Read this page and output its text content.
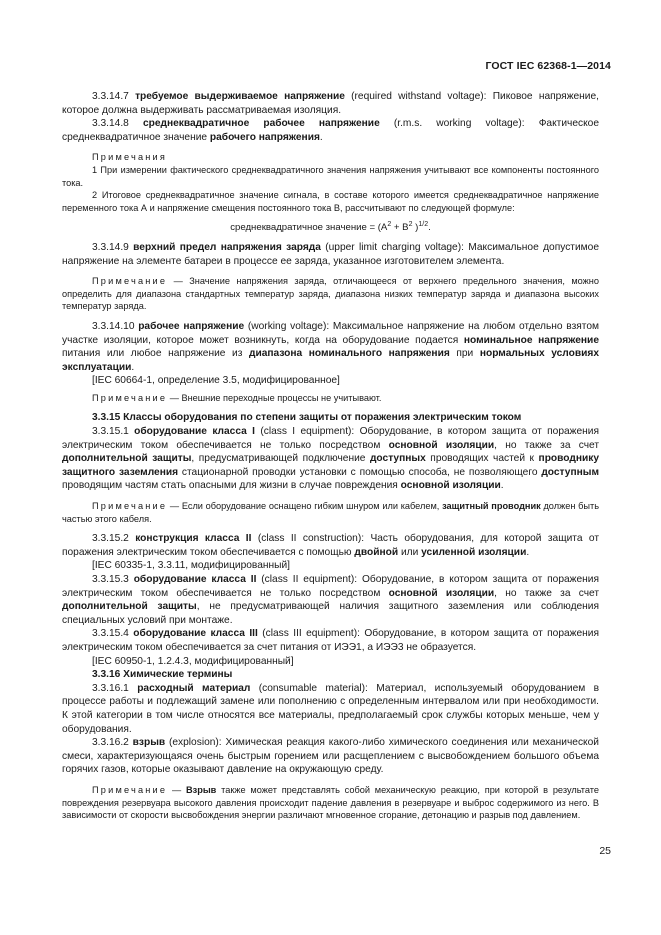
ГОСТ IEC 62368-1—2014

3.3.14.7 требуемое выдерживаемое напряжение (required withstand voltage): Пиковое напряжение, которое должна выдерживать рассматриваемая изоляция.

3.3.14.8 среднеквадратичное рабочее напряжение (r.m.s. working voltage): Фактическое среднеквадратичное значение рабочего напряжения.

Примечания

1 При измерении фактического среднеквадратичного значения напряжения учитывают все компоненты постоянного тока.

2 Итоговое среднеквадратичное значение сигнала, в составе которого имеется среднеквадратичное напряжение переменного тока А и напряжение смещения постоянного тока В, рассчитывают по следующей формуле:

среднеквадратичное значение = ($A^2 + B^2$ )$^{1/2}$.

3.3.14.9 верхний предел напряжения заряда (upper limit charging voltage): Максимальное допустимое напряжение на элементе батареи в процессе ее заряда, указанное изготовителем элемента.

Примечание — Значение напряжения заряда, отличающееся от верхнего предельного значения, можно определить для диапазона стандартных температур заряда, диапазона низких температур заряда и диапазона высоких температур заряда.

3.3.14.10 рабочее напряжение (working voltage): Максимальное напряжение на любом отдельно взятом участке изоляции, которое может возникнуть, когда на оборудование подается номинальное напряжение питания или любое напряжение из диапазона номинального напряжения при нормальных условиях эксплуатации.

[IEC 60664-1, определение 3.5, модифицированное]

Примечание — Внешние переходные процессы не учитывают.

3.3.15 Классы оборудования по степени защиты от поражения электрическим током

3.3.15.1 оборудование класса I (class I equipment): Оборудование, в котором защита от поражения электрическим током обеспечивается не только посредством основной изоляции, но также за счет дополнительной защиты, предусматривающей подключение доступных проводящих частей к проводнику защитного заземления стационарной проводки установки с помощью способа, не позволяющего доступным проводящим частям стать опасными для жизни в случае повреждения основной изоляции.

Примечание — Если оборудование оснащено гибким шнуром или кабелем, защитный проводник должен быть частью этого кабеля.

3.3.15.2 конструкция класса II (class II construction): Часть оборудования, для которой защита от поражения электрическим током обеспечивается с помощью двойной или усиленной изоляции.

[IEC 60335-1, 3.3.11, модифицированный]

3.3.15.3 оборудование класса II (class II equipment): Оборудование, в котором защита от поражения электрическим током обеспечивается не только посредством основной изоляции, но также за счет дополнительной защиты, не предусматривающей наличия защитного заземления или соблюдения специальных условий при монтаже.

3.3.15.4 оборудование класса III (class III equipment): Оборудование, в котором защита от поражения электрическим током обеспечивается за счет питания от ИЭЭ1, а ИЭЭ3 не образуется.

[IEC 60950-1, 1.2.4.3, модифицированный]

3.3.16 Химические термины

3.3.16.1 расходный материал (consumable material): Материал, используемый оборудованием в процессе работы и подлежащий замене или пополнению с определенным интервалом или при необходимости. К этой категории в том числе относятся все материалы, предполагаемый срок службы которых меньше, чем у оборудования.

3.3.16.2 взрыв (explosion): Химическая реакция какого-либо химического соединения или механической смеси, характеризующаяся очень быстрым горением или расщеплением с высвобождением большого объема горячих газов, которые оказывают давление на окружающую среду.

Примечание — Взрыв также может представлять собой механическую реакцию, при которой в результате повреждения резервуара высокого давления происходит падение давления в резервуаре и выброс содержимого из него. В зависимости от скорости высвобождения энергии различают мгновенное сгорание, детонацию и разрыв под давлением.

25
